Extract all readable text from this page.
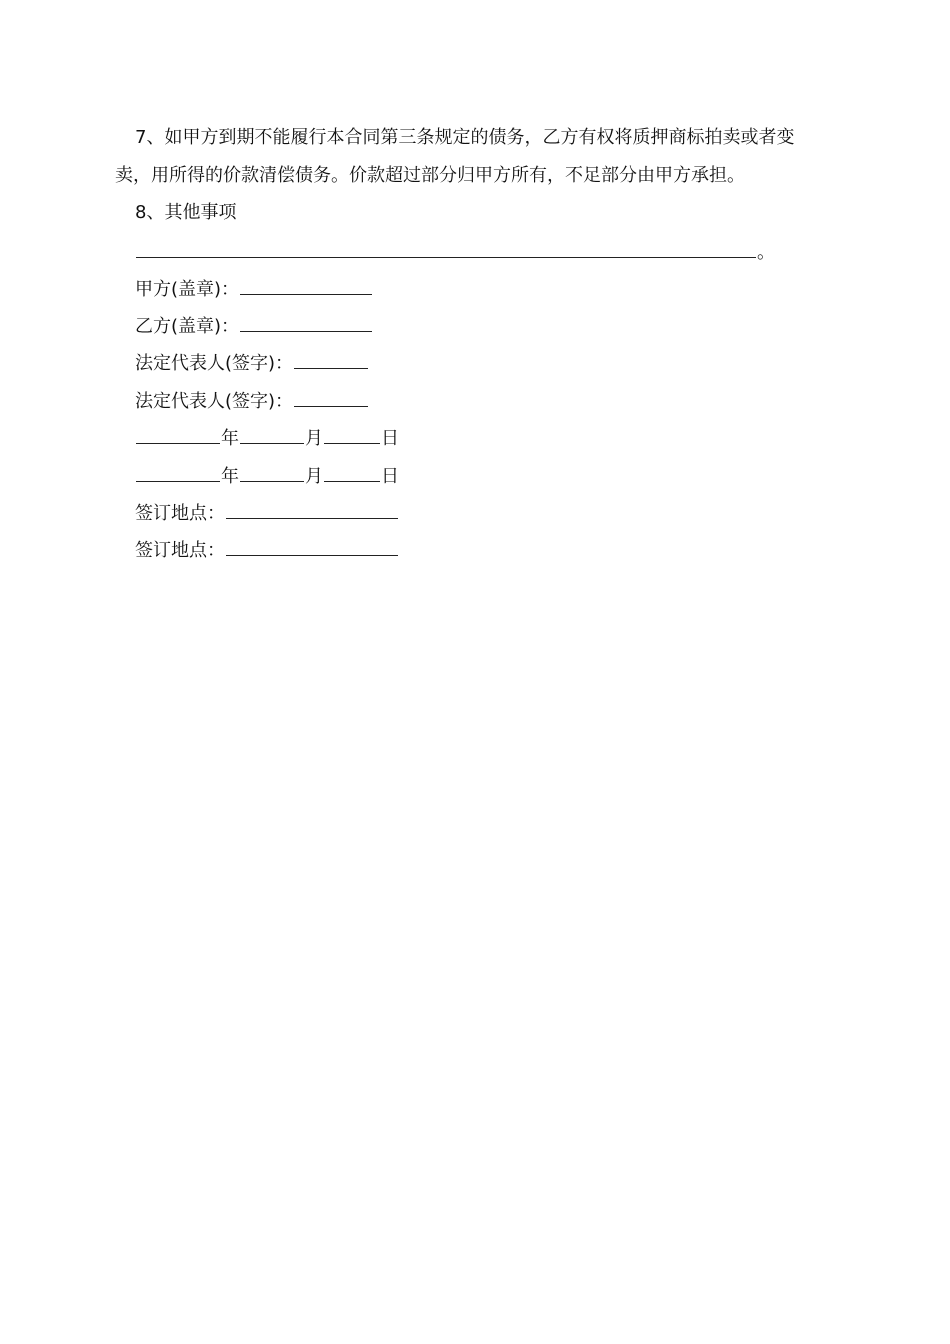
7、如甲方到期不能履行本合同第三条规定的债务，乙方有权将质押商标拍卖或者变
卖，用所得的价款清偿债务。价款超过部分归甲方所有，不足部分由甲方承担。
8、其他事项
。
甲方(盖章)：
乙方(盖章)：
法定代表人(签字)：
法定代表人(签字)：
年	月	日
年	月	日
签订地点：
签订地点：
